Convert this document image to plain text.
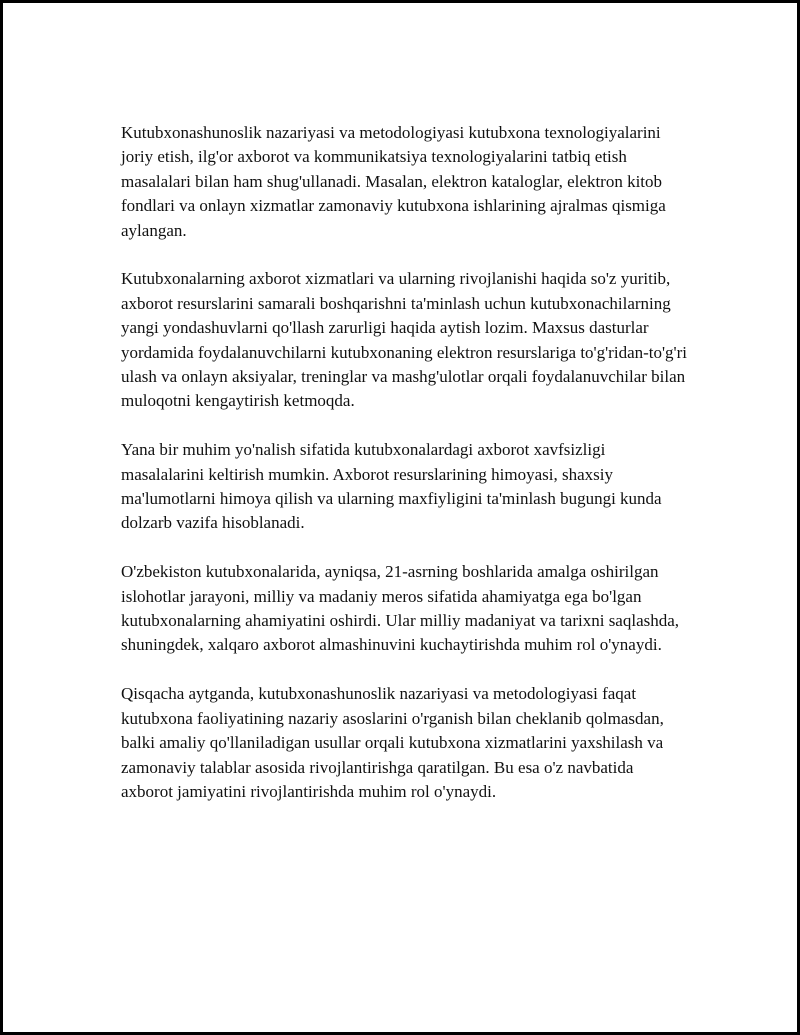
Kutubxonashunoslik nazariyasi va metodologiyasi kutubxona texnologiyalarini joriy etish, ilg'or axborot va kommunikatsiya texnologiyalarini tatbiq etish masalalari bilan ham shug'ullanadi. Masalan, elektron kataloglar, elektron kitob fondlari va onlayn xizmatlar zamonaviy kutubxona ishlarining ajralmas qismiga aylangan.

Kutubxonalarning axborot xizmatlari va ularning rivojlanishi haqida so'z yuritib, axborot resurslarini samarali boshqarishni ta'minlash uchun kutubxonachilarning yangi yondashuvlarni qo'llash zarurligi haqida aytish lozim. Maxsus dasturlar yordamida foydalanuvchilarni kutubxonaning elektron resurslariga to'g'ridan-to'g'ri ulash va onlayn aksiyalar, treninglar va mashg'ulotlar orqali foydalanuvchilar bilan muloqotni kengaytirish ketmoqda.

Yana bir muhim yo'nalish sifatida kutubxonalardagi axborot xavfsizligi masalalarini keltirish mumkin. Axborot resurslarining himoyasi, shaxsiy ma'lumotlarni himoya qilish va ularning maxfiyligini ta'minlash bugungi kunda dolzarb vazifa hisoblanadi.

O'zbekiston kutubxonalarida, ayniqsa, 21-asrning boshlarida amalga oshirilgan islohotlar jarayoni, milliy va madaniy meros sifatida ahamiyatga ega bo'lgan kutubxonalarning ahamiyatini oshirdi. Ular milliy madaniyat va tarixni saqlashda, shuningdek, xalqaro axborot almashinuvini kuchaytirishda muhim rol o'ynaydi.

Qisqacha aytganda, kutubxonashunoslik nazariyasi va metodologiyasi faqat kutubxona faoliyatining nazariy asoslarini o'rganish bilan cheklanib qolmasdan, balki amaliy qo'llaniladigan usullar orqali kutubxona xizmatlarini yaxshilash va zamonaviy talablar asosida rivojlantirishga qaratilgan. Bu esa o'z navbatida axborot jamiyatini rivojlantirishda muhim rol o'ynaydi.
